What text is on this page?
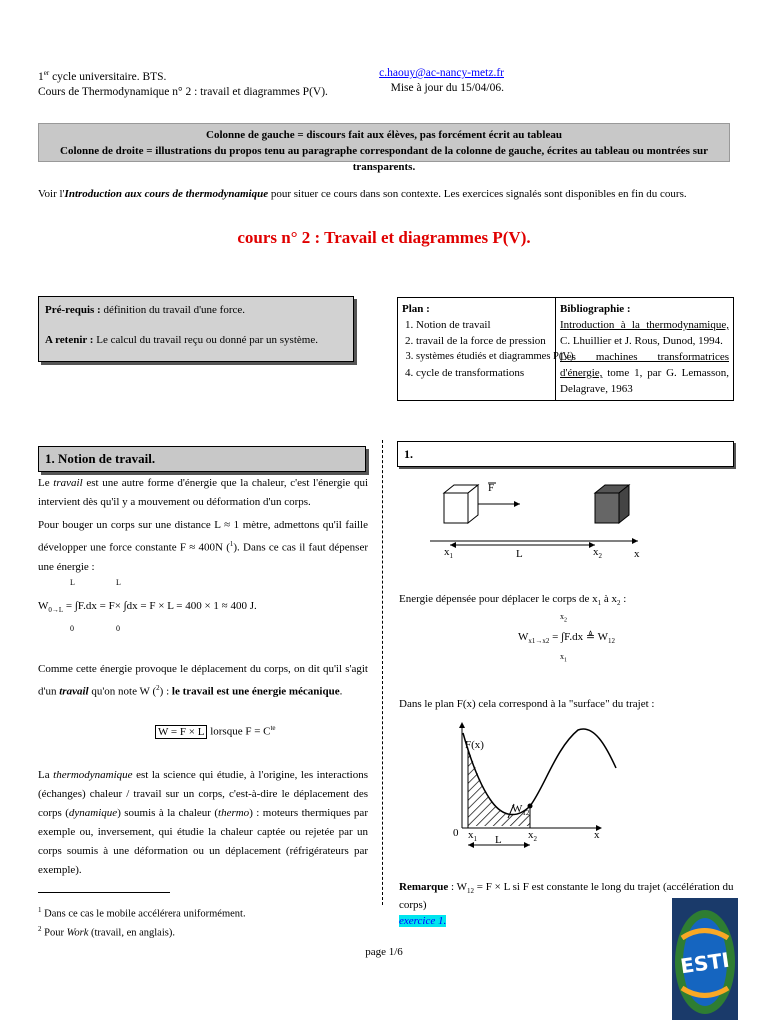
1er cycle universitaire. BTS.
Cours de Thermodynamique n° 2 : travail et diagrammes P(V).
c.haouy@ac-nancy-metz.fr
Mise à jour du 15/04/06.
Colonne de gauche = discours fait aux élèves, pas forcément écrit au tableau
Colonne de droite = illustrations du propos tenu au paragraphe correspondant de la colonne de gauche, écrites au tableau ou montrées sur transparents.
Voir l'Introduction aux cours de thermodynamique pour situer ce cours dans son contexte. Les exercices signalés sont disponibles en fin du cours.
cours n° 2 : Travail et diagrammes P(V).
Pré-requis : définition du travail d'une force.
A retenir : Le calcul du travail reçu ou donné par un système.
Plan :
1. Notion de travail
2. travail de la force de pression
3. systèmes étudiés et diagrammes P(V)
4. cycle de transformations
Bibliographie :
Introduction à la thermodynamique, C. Lhuillier et J. Rous, Dunod, 1994.
Les machines transformatrices d'énergie, tome 1, par G. Lemasson, Delagrave, 1963
1. Notion de travail.	1.
Le travail est une autre forme d'énergie que la chaleur, c'est l'énergie qui intervient dès qu'il y a mouvement ou déformation d'un corps.
Pour bouger un corps sur une distance L ≈ 1 mètre, admettons qu'il faille développer une force constante F ≈ 400N ($^1$). Dans ce cas il faut dépenser une énergie :
L	L
$W_{0\to L} = \int F.dx = F\times \int dx = F \times L = 400 \times 1 \approx 400$ J.
0	0
Comme cette énergie provoque le déplacement du corps, on dit qu'il s'agit d'un travail qu'on note W ($^2$) : le travail est une énergie mécanique.
W = F × L lorsque $F = C^{te}$
La thermodynamique est la science qui étudie, à l'origine, les interactions (échanges) chaleur / travail sur un corps, c'est-à-dire le déplacement des corps (dynamique) soumis à la chaleur (thermo) : moteurs thermiques par exemple ou, inversement, qui étudie la chaleur captée ou rejetée par un corps soumis à une déformation ou un déplacement (réfrigérateurs par exemple).
$^1$ Dans ce cas le mobile accélérera uniformément.
$^2$ Pour Work (travail, en anglais).
F
L
$x_1$	$x_2$	x
Energie dépensée pour déplacer le corps de $x_1$ à $x_2$ :
$x_2$
$W_{x1\to x2} = \int F.dx$ ≜ $W_{12}$
$x_1$
Dans le plan F(x) cela correspond à la "surface" du trajet :
$W_{12}$
F(x)
0 $x_1$	$x_2$	x
L
Remarque : $W_{12} = F \times L$ si F est constante le long du trajet (accélération du corps)
exercice 1.
page 1/6	ESTI
